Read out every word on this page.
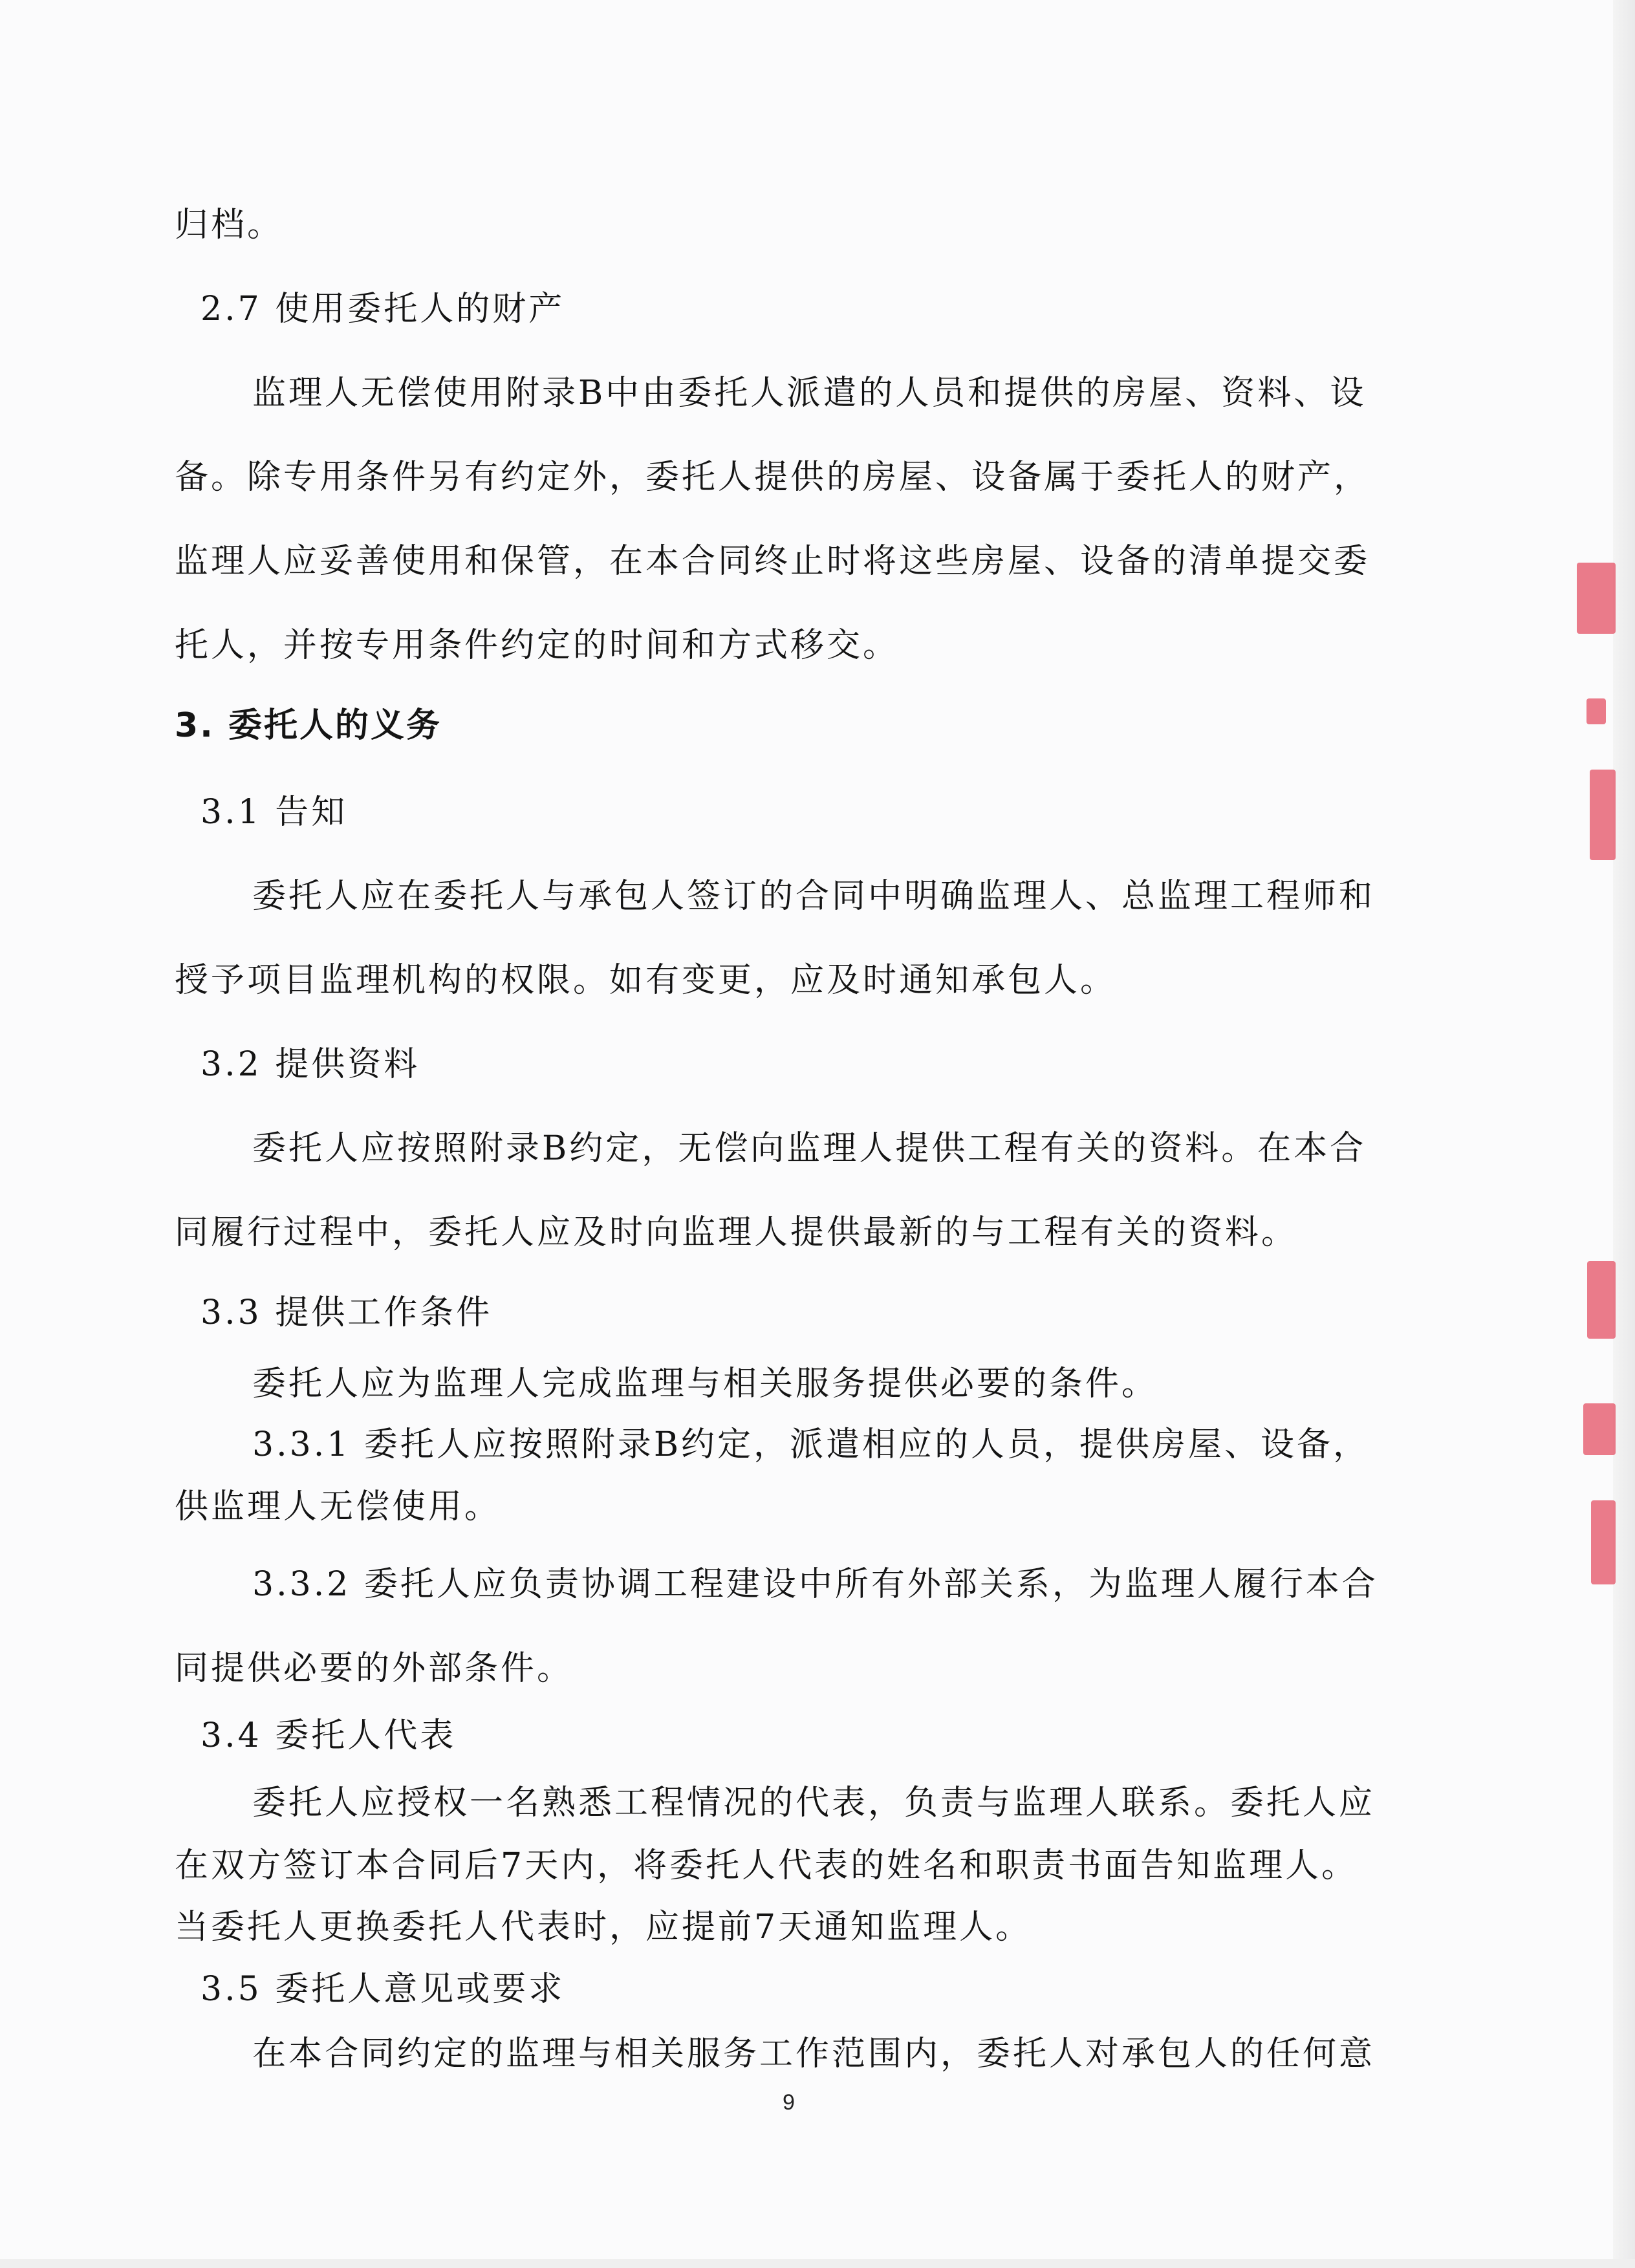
归档。
2.7 使用委托人的财产
监理人无偿使用附录B中由委托人派遣的人员和提供的房屋、资料、设
备。除专用条件另有约定外，委托人提供的房屋、设备属于委托人的财产，
监理人应妥善使用和保管，在本合同终止时将这些房屋、设备的清单提交委
托人，并按专用条件约定的时间和方式移交。
3. 委托人的义务
3.1 告知
委托人应在委托人与承包人签订的合同中明确监理人、总监理工程师和
授予项目监理机构的权限。如有变更，应及时通知承包人。
3.2 提供资料
委托人应按照附录B约定，无偿向监理人提供工程有关的资料。在本合
同履行过程中，委托人应及时向监理人提供最新的与工程有关的资料。
3.3 提供工作条件
委托人应为监理人完成监理与相关服务提供必要的条件。
3.3.1 委托人应按照附录B约定，派遣相应的人员，提供房屋、设备，
供监理人无偿使用。
3.3.2 委托人应负责协调工程建设中所有外部关系，为监理人履行本合
同提供必要的外部条件。
3.4 委托人代表
委托人应授权一名熟悉工程情况的代表，负责与监理人联系。委托人应
在双方签订本合同后7天内，将委托人代表的姓名和职责书面告知监理人。
当委托人更换委托人代表时，应提前7天通知监理人。
3.5 委托人意见或要求
在本合同约定的监理与相关服务工作范围内，委托人对承包人的任何意
9
